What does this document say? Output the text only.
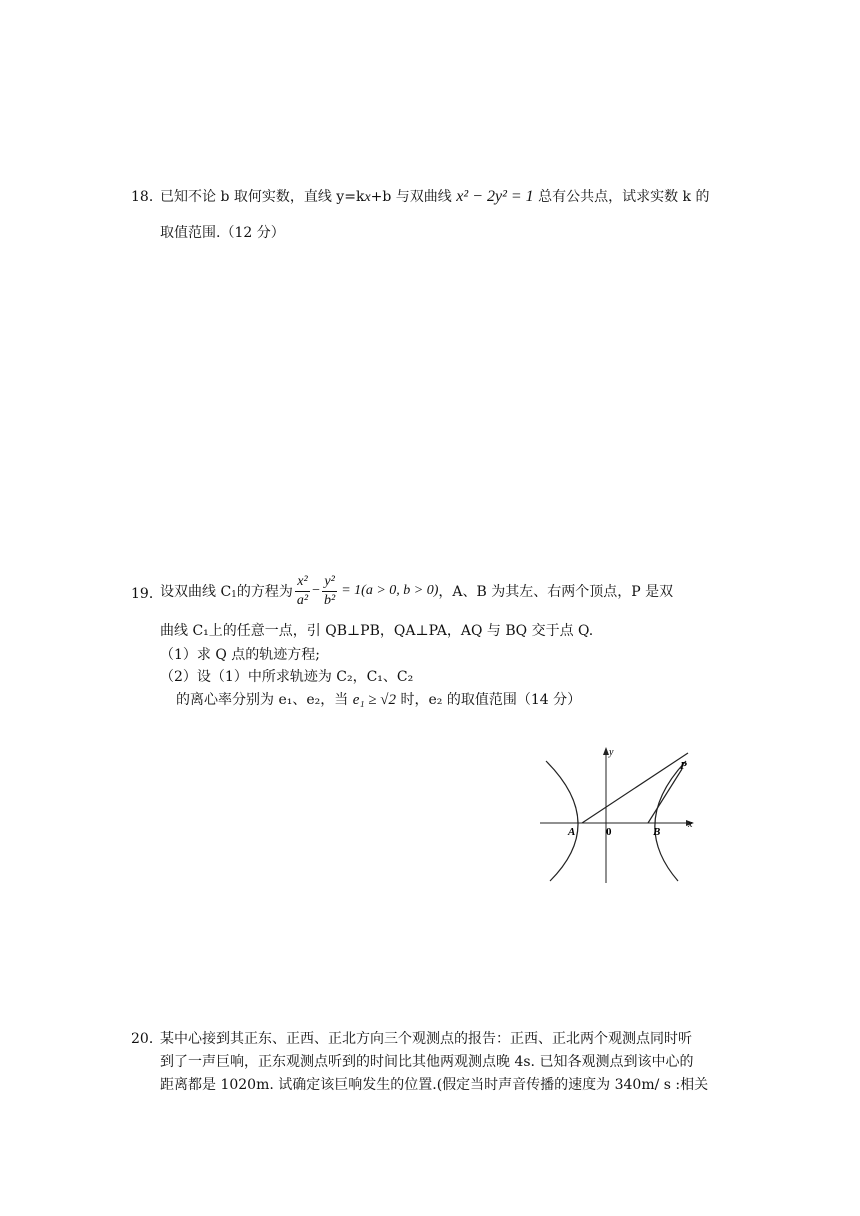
18．
已知不论 b 取何实数，直线 y=kx+b 与双曲线 x² − 2y² = 1 总有公共点，试求实数 k 的
取值范围.（12 分）
19．
设双曲线 $C_1$ 的方程为 $\frac{\text{x²}}{\text{a²}} - \frac{\text{y²}}{\text{b²}} = 1(a > 0$, b > 0) ，A、B 为其左、右两个顶点，P 是双
曲线 C₁上的任意一点，引 QB⊥PB，QA⊥PA，AQ 与 BQ 交于点 Q.
（1）求 Q 点的轨迹方程;
（2）设（1）中所求轨迹为 C₂，C₁、C₂
的离心率分别为 e₁、e₂，当 e₁ ≥ √2 时，e₂ 的取值范围（14 分）
y
x
P
A	0	B
20．
某中心接到其正东、正西、正北方向三个观测点的报告：正西、正北两个观测点同时听
到了一声巨响，正东观测点听到的时间比其他两观测点晚 4s. 已知各观测点到该中心的
距离都是 1020m. 试确定该巨响发生的位置.(假定当时声音传播的速度为 340m/ s :相关
